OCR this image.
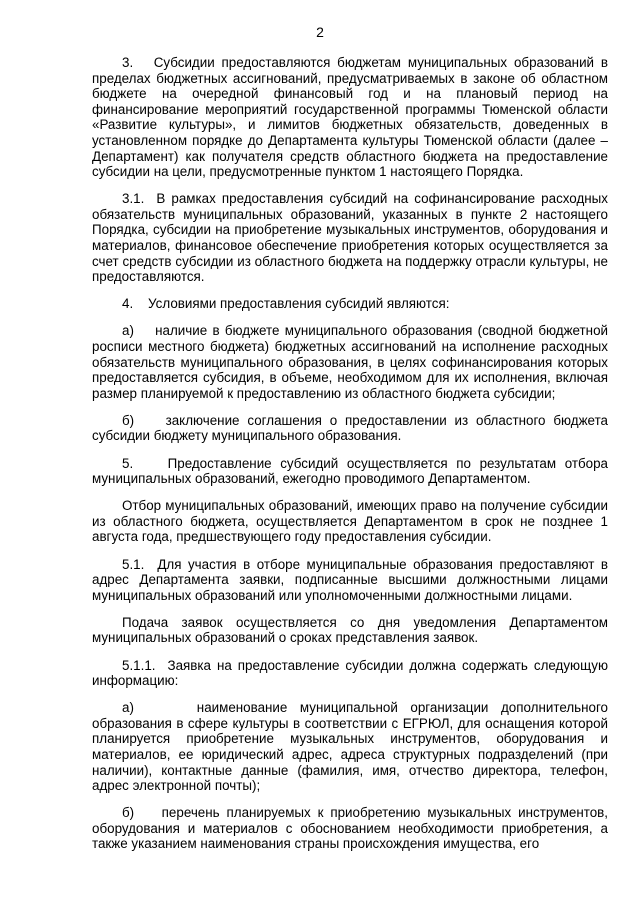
2

3.   Субсидии предоставляются бюджетам муниципальных образований в пределах бюджетных ассигнований, предусматриваемых в законе об областном бюджете на очередной финансовый год и на плановый период на финансирование мероприятий государственной программы Тюменской области «Развитие культуры», и лимитов бюджетных обязательств, доведенных в установленном порядке до Департамента культуры Тюменской области (далее – Департамент) как получателя средств областного бюджета на предоставление субсидии на цели, предусмотренные пунктом 1 настоящего Порядка.

3.1.  В рамках предоставления субсидий на софинансирование расходных обязательств муниципальных образований, указанных в пункте 2 настоящего Порядка, субсидии на приобретение музыкальных инструментов, оборудования и материалов, финансовое обеспечение приобретения которых осуществляется за счет средств субсидии из областного бюджета на поддержку отрасли культуры, не предоставляются.

4.    Условиями предоставления субсидий являются:

а)    наличие в бюджете муниципального образования (сводной бюджетной росписи местного бюджета) бюджетных ассигнований на исполнение расходных обязательств муниципального образования, в целях софинансирования которых предоставляется субсидия, в объеме, необходимом для их исполнения, включая размер планируемой к предоставлению из областного бюджета субсидии;

б)    заключение соглашения о предоставлении из областного бюджета субсидии бюджету муниципального образования.

5.    Предоставление субсидий осуществляется по результатам отбора муниципальных образований, ежегодно проводимого Департаментом.

Отбор муниципальных образований, имеющих право на получение субсидии из областного бюджета, осуществляется Департаментом в срок не позднее 1 августа года, предшествующего году предоставления субсидии.

5.1.  Для участия в отборе муниципальные образования предоставляют в адрес Департамента заявки, подписанные высшими должностными лицами муниципальных образований или уполномоченными должностными лицами.

Подача заявок осуществляется со дня уведомления Департаментом муниципальных образований о сроках представления заявок.

5.1.1.  Заявка на предоставление субсидии должна содержать следующую информацию:

а)     наименование муниципальной организации дополнительного образования в сфере культуры в соответствии с ЕГРЮЛ, для оснащения которой планируется приобретение музыкальных инструментов, оборудования и материалов, ее юридический адрес, адреса структурных подразделений (при наличии), контактные данные (фамилия, имя, отчество директора, телефон, адрес электронной почты);

б)    перечень планируемых к приобретению музыкальных инструментов, оборудования и материалов с обоснованием необходимости приобретения, а также указанием наименования страны происхождения имущества, его
